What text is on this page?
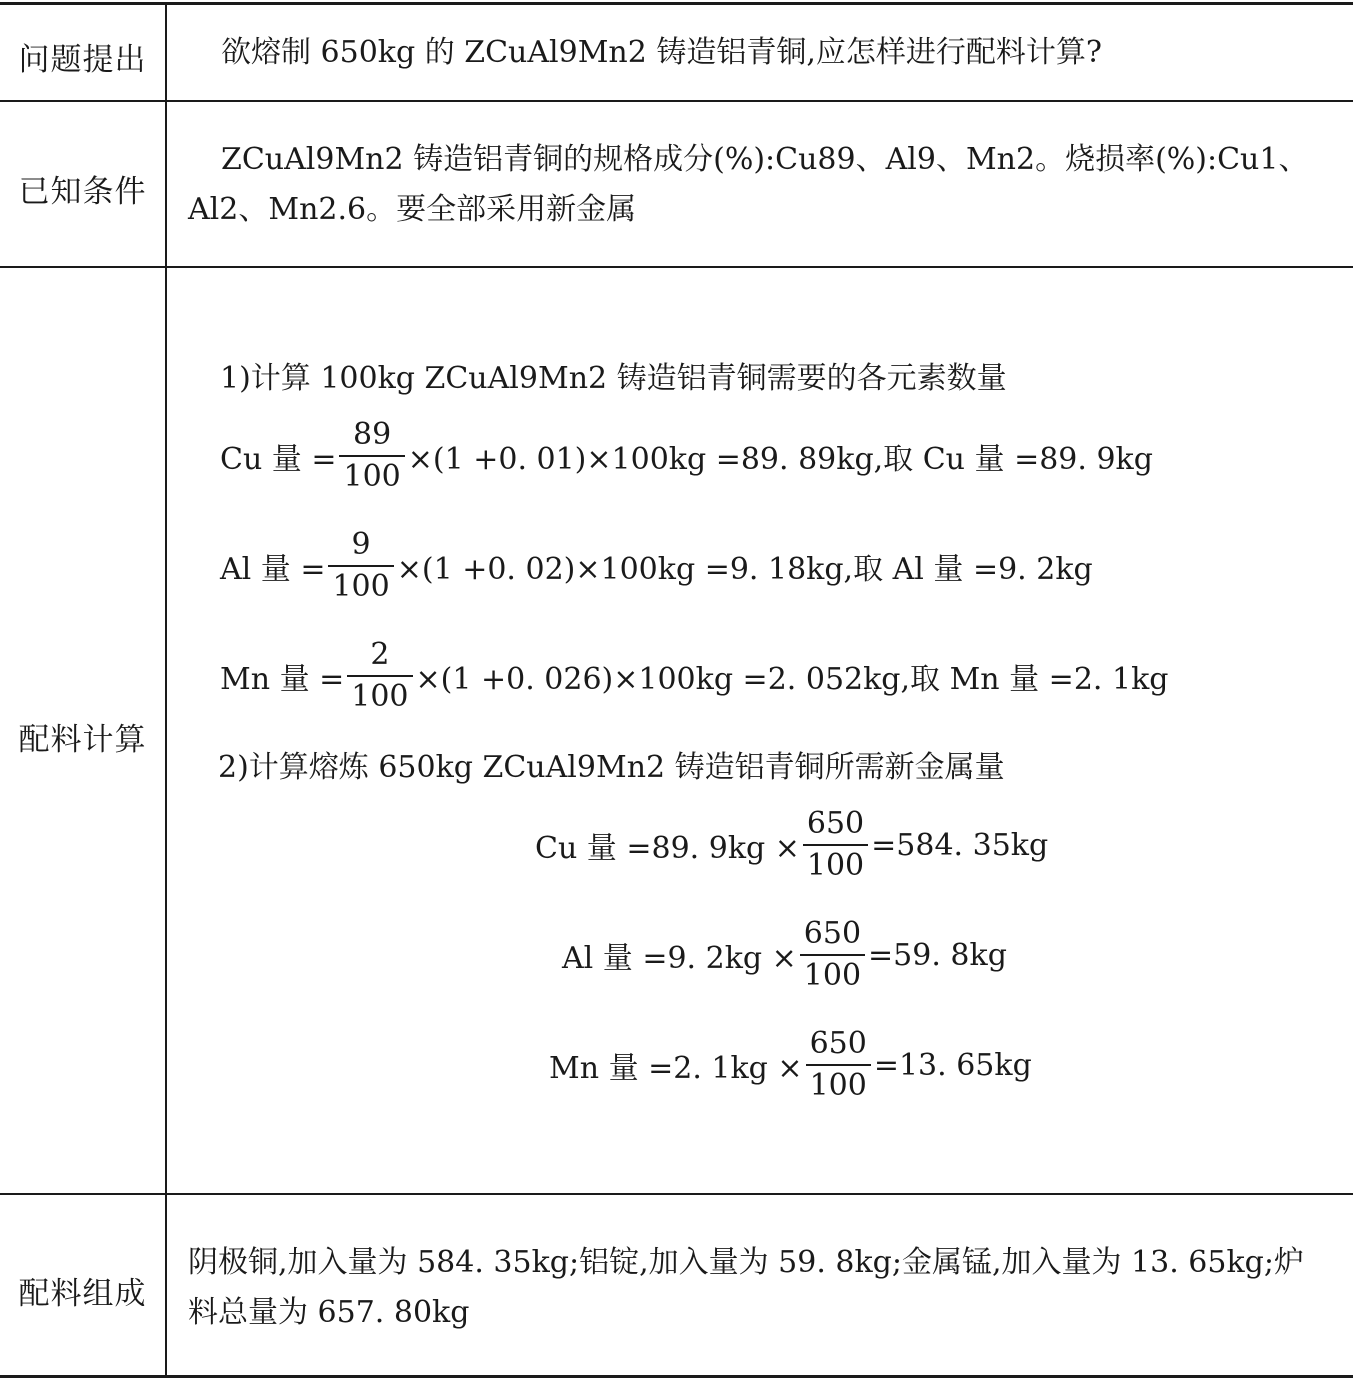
问题提出	欲熔制 650kg 的 ZCuAl9Mn2 铸造铝青铜,应怎样进行配料计算?
已知条件
ZCuAl9Mn2 铸造铝青铜的规格成分(%):Cu89、Al9、Mn2。烧损率(%):Cu1、Al2、Mn2.6。要全部采用新金属
配料计算
1)计算 100kg ZCuAl9Mn2 铸造铝青铜需要的各元素数量
Cu 量 = $\frac{89}{100} \times(1 +0$. 01)×100kg =89. 89kg,取 Cu 量 =89. 9kg
Al 量 = $\frac{9}{100} \times(1 +0$. 02)×100kg =9. 18kg,取 Al 量 =9. 2kg
Mn 量 = $\frac{2}{100} \times(1 +0$. 026)×100kg =2. 052kg,取 Mn 量 =2. 1kg
2)计算熔炼 650kg ZCuAl9Mn2 铸造铝青铜所需新金属量
Cu 量 =89. $9kg \times \frac{650}{100} =584$. 35kg
Al 量 =9. $2kg \times \frac{650}{100} =59$. 8kg
Mn 量 =2. $1kg \times \frac{650}{100} =13$. 65kg
配料组成
阴极铜,加入量为 584. 35kg;铝锭,加入量为 59. 8kg;金属锰,加入量为 13. 65kg;炉料总量为 657. 80kg
